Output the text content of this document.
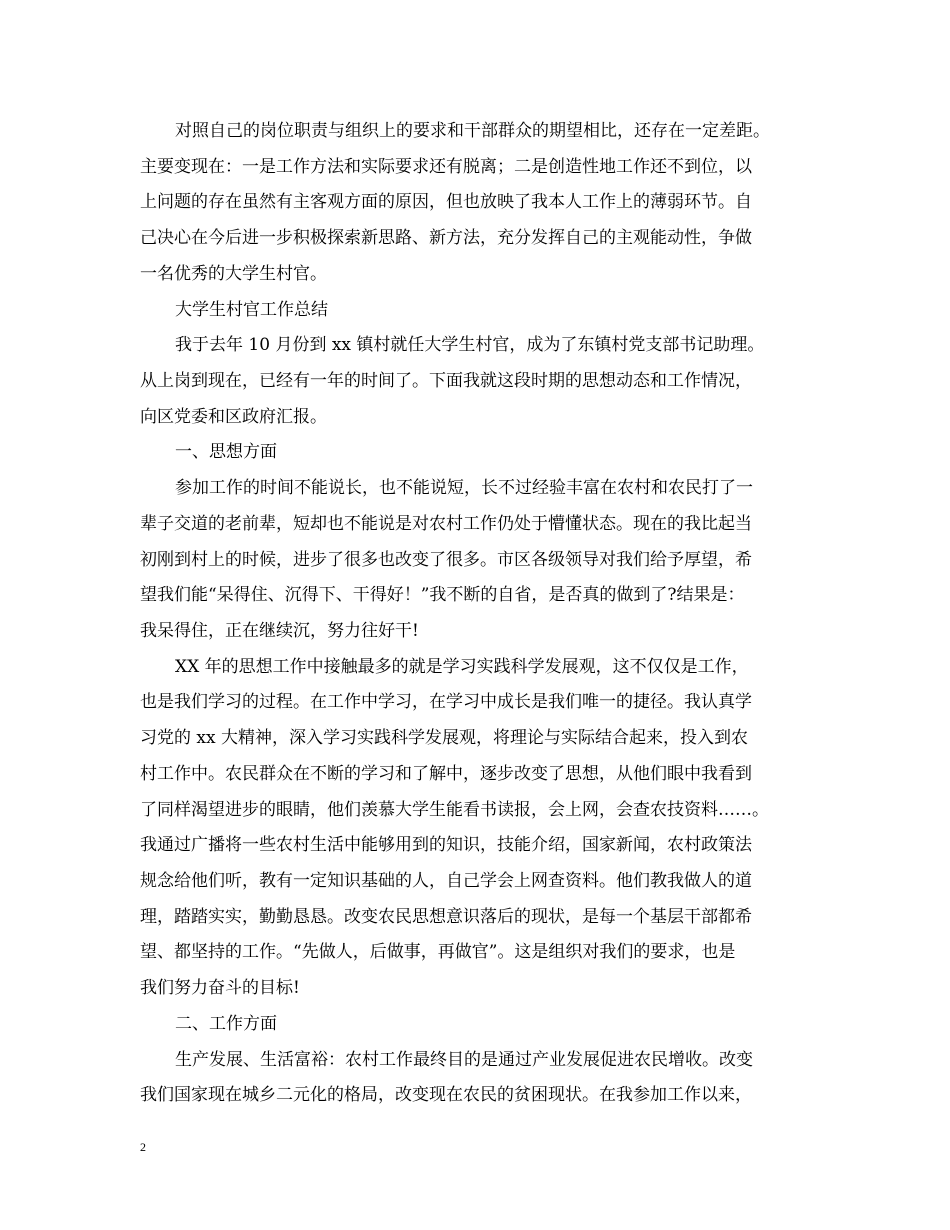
对照自己的岗位职责与组织上的要求和干部群众的期望相比，还存在一定差距。
主要变现在：一是工作方法和实际要求还有脱离；二是创造性地工作还不到位，以
上问题的存在虽然有主客观方面的原因，但也放映了我本人工作上的薄弱环节。自
己决心在今后进一步积极探索新思路、新方法，充分发挥自己的主观能动性，争做
一名优秀的大学生村官。
大学生村官工作总结
我于去年 10 月份到 xx 镇村就任大学生村官，成为了东镇村党支部书记助理。
从上岗到现在，已经有一年的时间了。下面我就这段时期的思想动态和工作情况，
向区党委和区政府汇报。
一、思想方面
参加工作的时间不能说长，也不能说短，长不过经验丰富在农村和农民打了一
辈子交道的老前辈，短却也不能说是对农村工作仍处于懵懂状态。现在的我比起当
初刚到村上的时候，进步了很多也改变了很多。市区各级领导对我们给予厚望，希
望我们能“呆得住、沉得下、干得好！”我不断的自省，是否真的做到了?结果是：
我呆得住，正在继续沉，努力往好干!
XX 年的思想工作中接触最多的就是学习实践科学发展观，这不仅仅是工作，
也是我们学习的过程。在工作中学习，在学习中成长是我们唯一的捷径。我认真学
习党的 xx 大精神，深入学习实践科学发展观，将理论与实际结合起来，投入到农
村工作中。农民群众在不断的学习和了解中，逐步改变了思想，从他们眼中我看到
了同样渴望进步的眼睛，他们羡慕大学生能看书读报，会上网，会查农技资料……。
我通过广播将一些农村生活中能够用到的知识，技能介绍，国家新闻，农村政策法
规念给他们听，教有一定知识基础的人，自己学会上网查资料。他们教我做人的道
理，踏踏实实，勤勤恳恳。改变农民思想意识落后的现状，是每一个基层干部都希
望、都坚持的工作。“先做人，后做事，再做官”。这是组织对我们的要求，也是
我们努力奋斗的目标!
二、工作方面
生产发展、生活富裕：农村工作最终目的是通过产业发展促进农民增收。改变
我们国家现在城乡二元化的格局，改变现在农民的贫困现状。在我参加工作以来，
2
